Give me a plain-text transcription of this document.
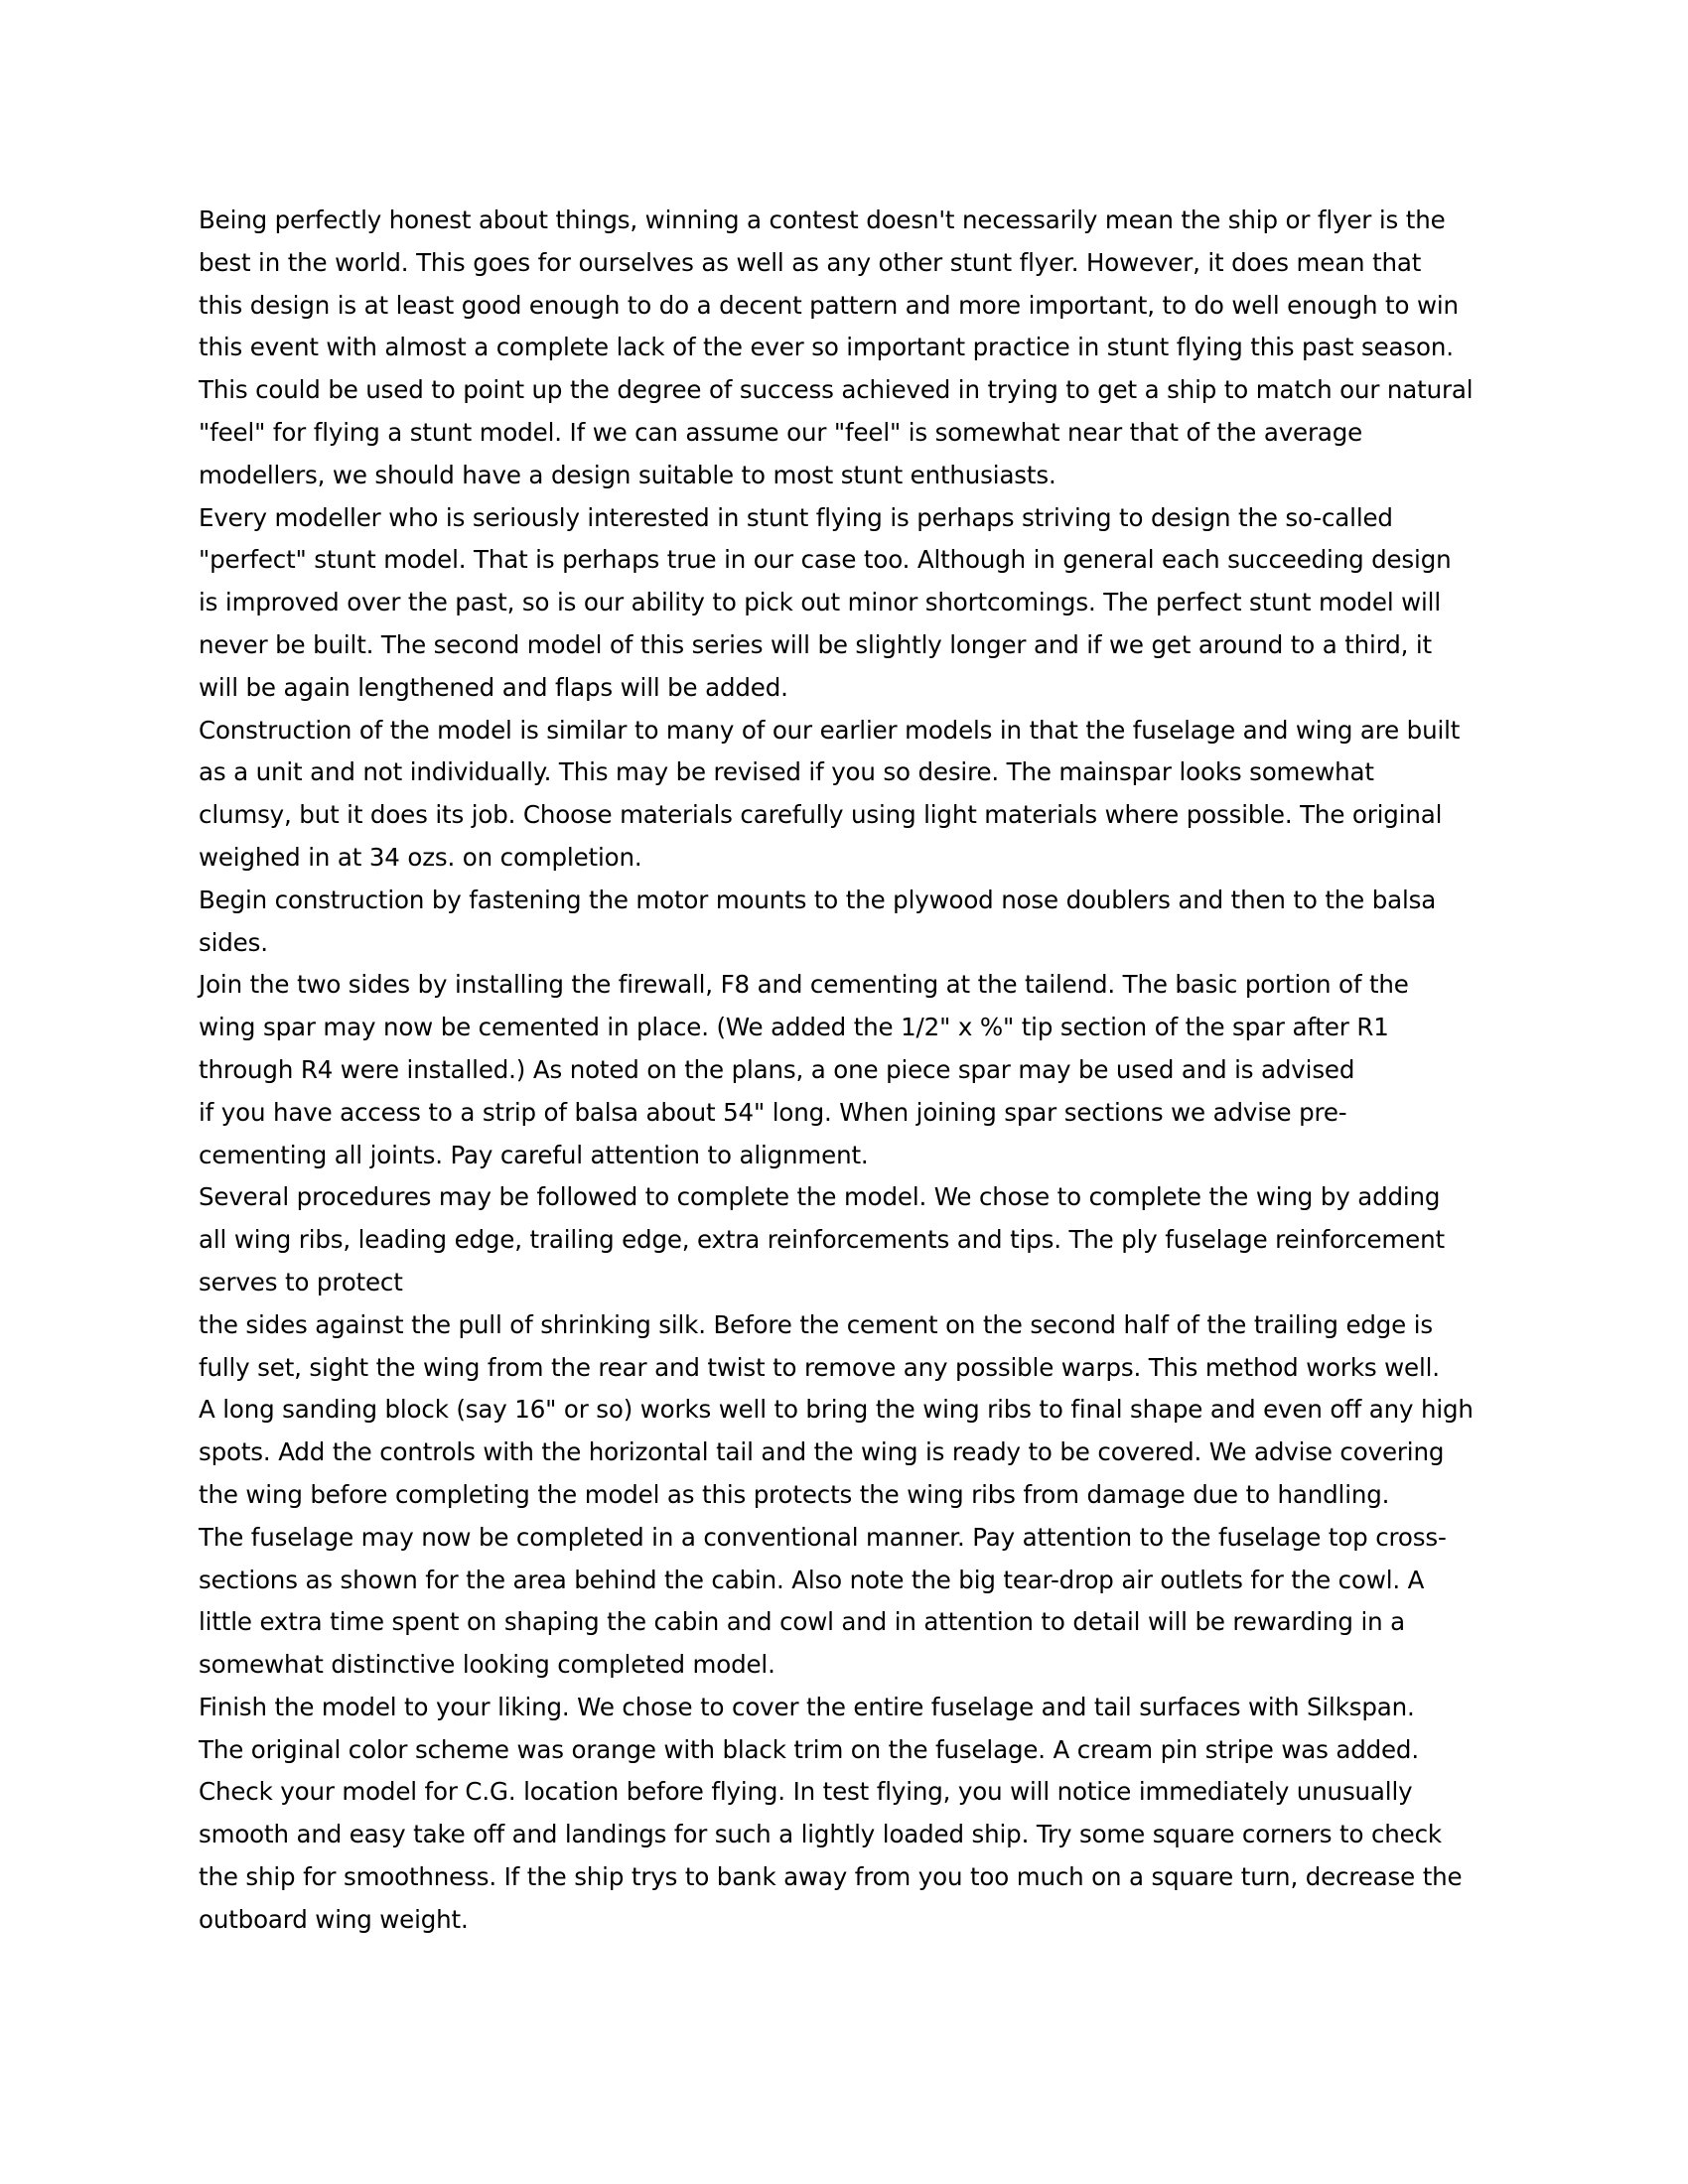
Being perfectly honest about things, winning a contest doesn't necessarily mean the ship or flyer is the
best in the world. This goes for ourselves as well as any other stunt flyer. However, it does mean that
this design is at least good enough to do a decent pattern and more important, to do well enough to win
this event with almost a complete lack of the ever so important practice in stunt flying this past season.
This could be used to point up the degree of success achieved in trying to get a ship to match our natural
"feel" for flying a stunt model. If we can assume our "feel" is somewhat near that of the average
modellers, we should have a design suitable to most stunt enthusiasts.
Every modeller who is seriously interested in stunt flying is perhaps striving to design the so-called
"perfect" stunt model. That is perhaps true in our case too. Although in general each succeeding design
is improved over the past, so is our ability to pick out minor shortcomings. The perfect stunt model will
never be built. The second model of this series will be slightly longer and if we get around to a third, it
will be again lengthened and flaps will be added.
Construction of the model is similar to many of our earlier models in that the fuselage and wing are built
as a unit and not individually. This may be revised if you so desire. The mainspar looks somewhat
clumsy, but it does its job. Choose materials carefully using light materials where possible. The original
weighed in at 34 ozs. on completion.
Begin construction by fastening the motor mounts to the plywood nose doublers and then to the balsa
sides.
Join the two sides by installing the firewall, F8 and cementing at the tailend. The basic portion of the
wing spar may now be cemented in place. (We added the 1/2" x %" tip section of the spar after R1
through R4 were installed.) As noted on the plans, a one piece spar may be used and is advised
if you have access to a strip of balsa about 54" long. When joining spar sections we advise pre-
cementing all joints. Pay careful attention to alignment.
Several procedures may be followed to complete the model. We chose to complete the wing by adding
all wing ribs, leading edge, trailing edge, extra reinforcements and tips. The ply fuselage reinforcement
serves to protect
the sides against the pull of shrinking silk. Before the cement on the second half of the trailing edge is
fully set, sight the wing from the rear and twist to remove any possible warps. This method works well.
A long sanding block (say 16" or so) works well to bring the wing ribs to final shape and even off any high
spots. Add the controls with the horizontal tail and the wing is ready to be covered. We advise covering
the wing before completing the model as this protects the wing ribs from damage due to handling.
The fuselage may now be completed in a conventional manner. Pay attention to the fuselage top cross-
sections as shown for the area behind the cabin. Also note the big tear-drop air outlets for the cowl. A
little extra time spent on shaping the cabin and cowl and in attention to detail will be rewarding in a
somewhat distinctive looking completed model.
Finish the model to your liking. We chose to cover the entire fuselage and tail surfaces with Silkspan.
The original color scheme was orange with black trim on the fuselage. A cream pin stripe was added.
Check your model for C.G. location before flying. In test flying, you will notice immediately unusually
smooth and easy take off and landings for such a lightly loaded ship. Try some square corners to check
the ship for smoothness. If the ship trys to bank away from you too much on a square turn, decrease the
outboard wing weight.
